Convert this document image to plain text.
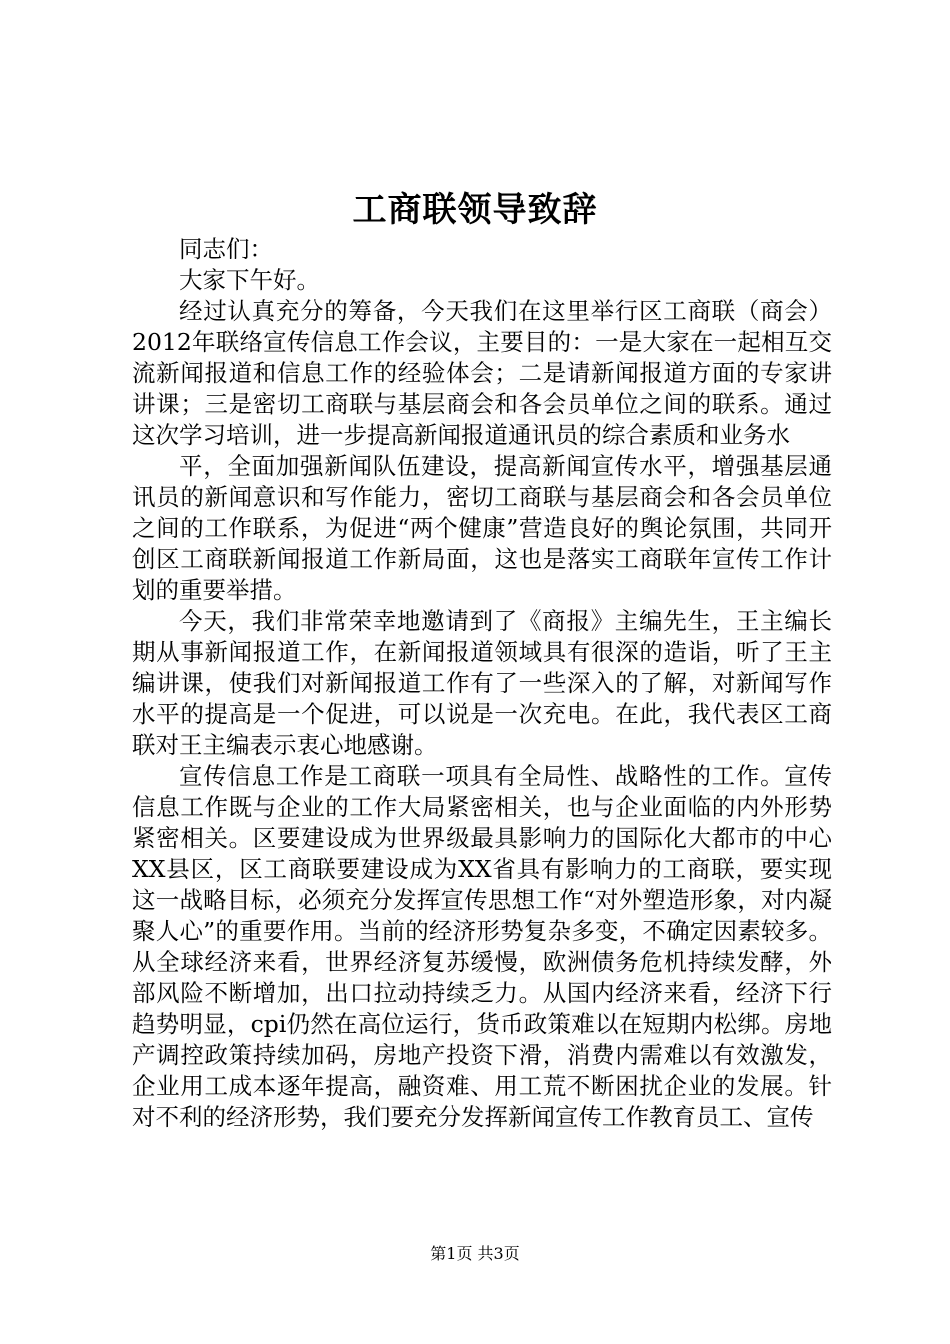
工商联领导致辞

同志们：

大家下午好。

经过认真充分的筹备，今天我们在这里举行区工商联（商会）2012年联络宣传信息工作会议，主要目的：一是大家在一起相互交流新闻报道和信息工作的经验体会；二是请新闻报道方面的专家讲讲课；三是密切工商联与基层商会和各会员单位之间的联系。通过这次学习培训，进一步提高新闻报道通讯员的综合素质和业务水

平，全面加强新闻队伍建设，提高新闻宣传水平，增强基层通讯员的新闻意识和写作能力，密切工商联与基层商会和各会员单位之间的工作联系，为促进“两个健康”营造良好的舆论氛围，共同开创区工商联新闻报道工作新局面，这也是落实工商联年宣传工作计划的重要举措。

今天，我们非常荣幸地邀请到了《商报》主编先生，王主编长期从事新闻报道工作，在新闻报道领域具有很深的造诣，听了王主编讲课，使我们对新闻报道工作有了一些深入的了解，对新闻写作水平的提高是一个促进，可以说是一次充电。在此，我代表区工商联对王主编表示衷心地感谢。

宣传信息工作是工商联一项具有全局性、战略性的工作。宣传信息工作既与企业的工作大局紧密相关，也与企业面临的内外形势紧密相关。区要建设成为世界级最具影响力的国际化大都市的中心XX县区，区工商联要建设成为XX省具有影响力的工商联，要实现这一战略目标，必须充分发挥宣传思想工作“对外塑造形象，对内凝聚人心”的重要作用。当前的经济形势复杂多变，不确定因素较多。从全球经济来看，世界经济复苏缓慢，欧洲债务危机持续发酵，外部风险不断增加，出口拉动持续乏力。从国内经济来看，经济下行趋势明显，cpi仍然在高位运行，货币政策难以在短期内松绑。房地产调控政策持续加码，房地产投资下滑，消费内需难以有效激发，企业用工成本逐年提高，融资难、用工荒不断困扰企业的发展。针对不利的经济形势，我们要充分发挥新闻宣传工作教育员工、宣传

第1页 共3页
